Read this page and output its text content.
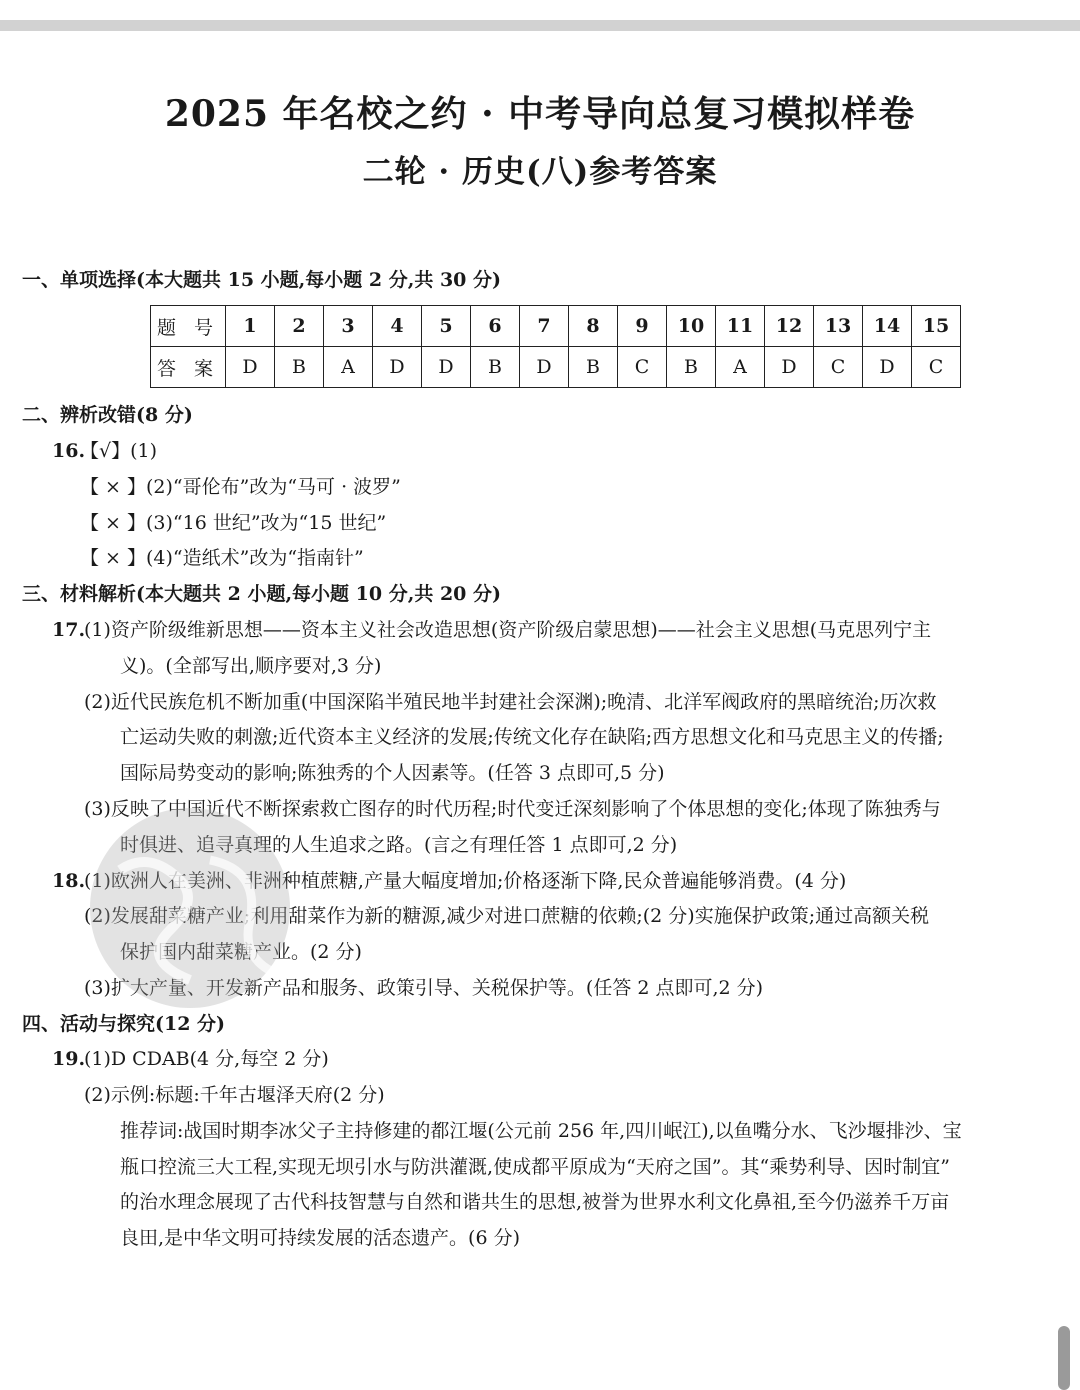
2025 年名校之约 · 中考导向总复习模拟样卷
二轮 · 历史(八)参考答案
一、单项选择(本大题共 15 小题,每小题 2 分,共 30 分)
题 号	1	2	3	4	5	6	7	8	9	10	11	12	13	14	15
答 案	D	B	A	D	D	B	D	B	C	B	A	D	C	D	C
二、辨析改错(8 分)
16.
【√】(1)
【 × 】(2)“哥伦布”改为“马可 · 波罗”
【 × 】(3)“16 世纪”改为“15 世纪”
【 × 】(4)“造纸术”改为“指南针”
三、材料解析(本大题共 2 小题,每小题 10 分,共 20 分)
17.
(1)资产阶级维新思想——资本主义社会改造思想(资产阶级启蒙思想)——社会主义思想(马克思列宁主
义)。(全部写出,顺序要对,3 分)
(2)近代民族危机不断加重(中国深陷半殖民地半封建社会深渊);晚清、北洋军阀政府的黑暗统治;历次救
亡运动失败的刺激;近代资本主义经济的发展;传统文化存在缺陷;西方思想文化和马克思主义的传播;
国际局势变动的影响;陈独秀的个人因素等。(任答 3 点即可,5 分)
(3)反映了中国近代不断探索救亡图存的时代历程;时代变迁深刻影响了个体思想的变化;体现了陈独秀与
时俱进、追寻真理的人生追求之路。(言之有理任答 1 点即可,2 分)
18.
(1)欧洲人在美洲、非洲种植蔗糖,产量大幅度增加;价格逐渐下降,民众普遍能够消费。(4 分)
(2)发展甜菜糖产业;利用甜菜作为新的糖源,减少对进口蔗糖的依赖;(2 分)实施保护政策;通过高额关税
保护国内甜菜糖产业。(2 分)
(3)扩大产量、开发新产品和服务、政策引导、关税保护等。(任答 2 点即可,2 分)
四、活动与探究(12 分)
19.
(1)D CDAB(4 分,每空 2 分)
(2)示例:标题:千年古堰泽天府(2 分)
推荐词:战国时期李冰父子主持修建的都江堰(公元前 256 年,四川岷江),以鱼嘴分水、飞沙堰排沙、宝
瓶口控流三大工程,实现无坝引水与防洪灌溉,使成都平原成为“天府之国”。其“乘势利导、因时制宜”
的治水理念展现了古代科技智慧与自然和谐共生的思想,被誉为世界水利文化鼻祖,至今仍滋养千万亩
良田,是中华文明可持续发展的活态遗产。(6 分)
